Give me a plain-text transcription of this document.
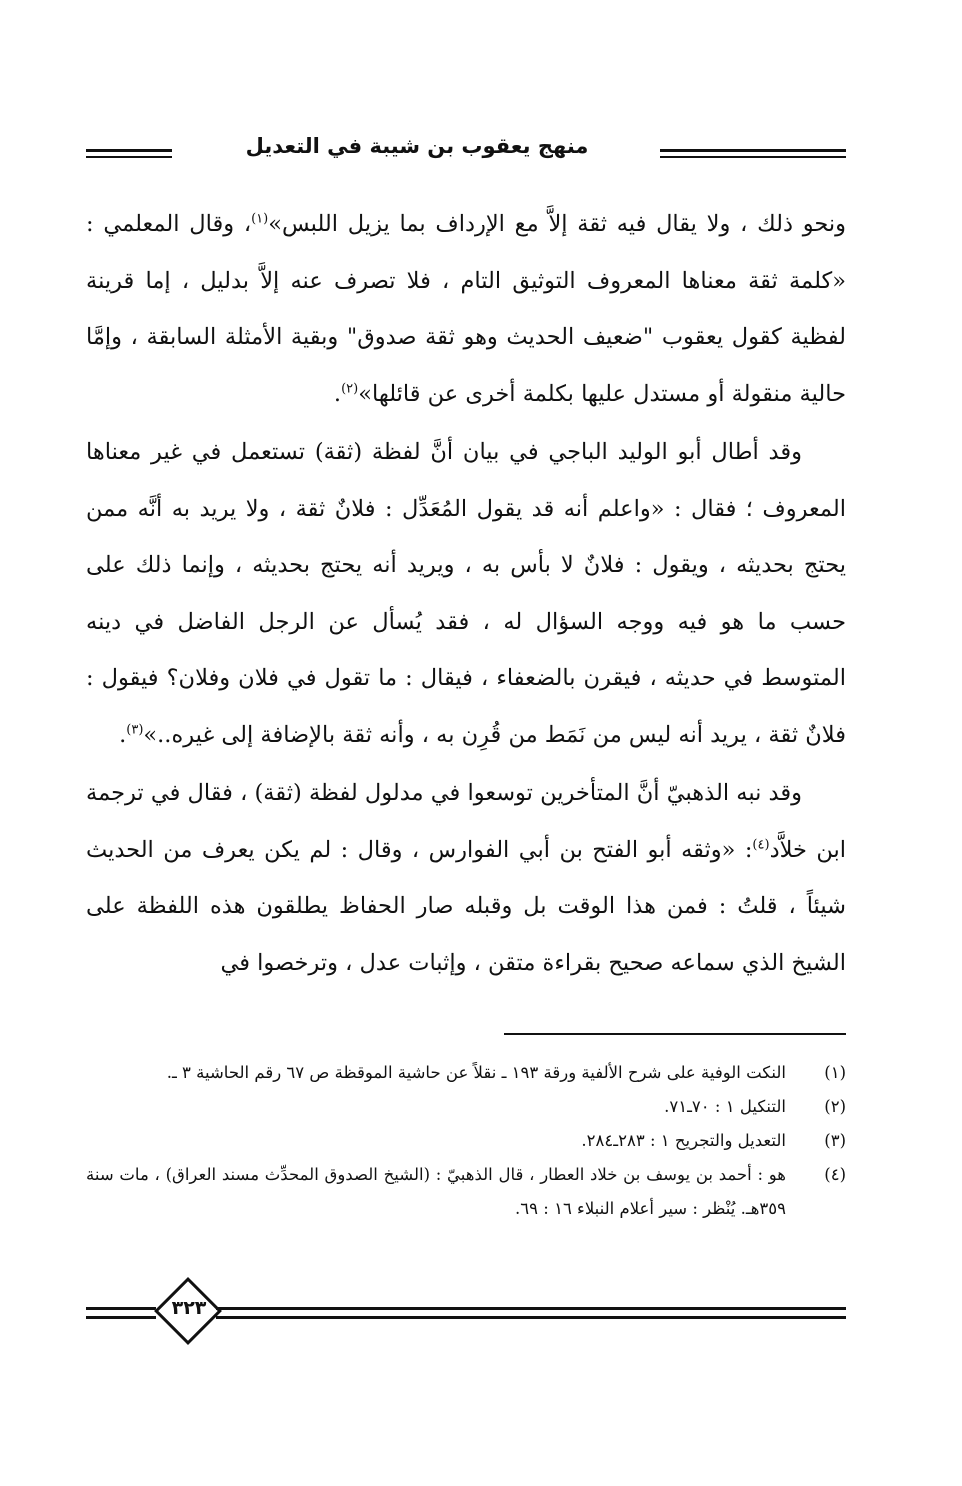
منهج يعقوب بن شيبة في التعديل

ونحو ذلك ، ولا يقال فيه ثقة إلاَّ مع الإرداف بما يزيل اللبس»$^{(١)}$، وقال المعلمي : «كلمة ثقة معناها المعروف التوثيق التام ، فلا تصرف عنه إلاَّ بدليل ، إما قرينة لفظية كقول يعقوب "ضعيف الحديث وهو ثقة صدوق" وبقية الأمثلة السابقة ، وإمَّا حالية منقولة أو مستدل عليها بكلمة أخرى عن قائلها»$^{(٢)}$.

وقد أطال أبو الوليد الباجي في بيان أنَّ لفظة (ثقة) تستعمل في غير معناها المعروف ؛ فقال : «واعلم أنه قد يقول المُعَدِّل : فلانٌ ثقة ، ولا يريد به أنَّه ممن يحتج بحديثه ، ويقول : فلانٌ لا بأس به ، ويريد أنه يحتج بحديثه ، وإنما ذلك على حسب ما هو فيه ووجه السؤال له ، فقد يُسأل عن الرجل الفاضل في دينه المتوسط في حديثه ، فيقرن بالضعفاء ، فيقال : ما تقول في فلان وفلان؟ فيقول : فلانٌ ثقة ، يريد أنه ليس من نَمَط من قُرِن به ، وأنه ثقة بالإضافة إلى غيره..»$^{(٣)}$.

وقد نبه الذهبيّ أنَّ المتأخرين توسعوا في مدلول لفظة (ثقة) ، فقال في ترجمة ابن خلاَّد$^{(٤)}$: «وثقه أبو الفتح بن أبي الفوارس ، وقال : لم يكن يعرف من الحديث شيئاً ، قلتُ : فمن هذا الوقت بل وقبله صار الحفاظ يطلقون هذه اللفظة على الشيخ الذي سماعه صحيح بقراءة متقن ، وإثبات عدل ، وترخصوا في

(١)
النكت الوفية على شرح الألفية ورقة ١٩٣ ـ نقلاً عن حاشية الموقظة ص ٦٧ رقم الحاشية ٣ ـ.
(٢)
التنكيل ١ : ٧٠ـ٧١.
(٣)
التعديل والتجريح ١ : ٢٨٣ـ٢٨٤.
(٤)
هو : أحمد بن يوسف بن خلاد العطار ، قال الذهبيّ : (الشيخ الصدوق المحدِّث مسند العراق) ، مات سنة ٣٥٩هـ. يُنْظر : سير أعلام النبلاء ١٦ : ٦٩.
٣٢٣
